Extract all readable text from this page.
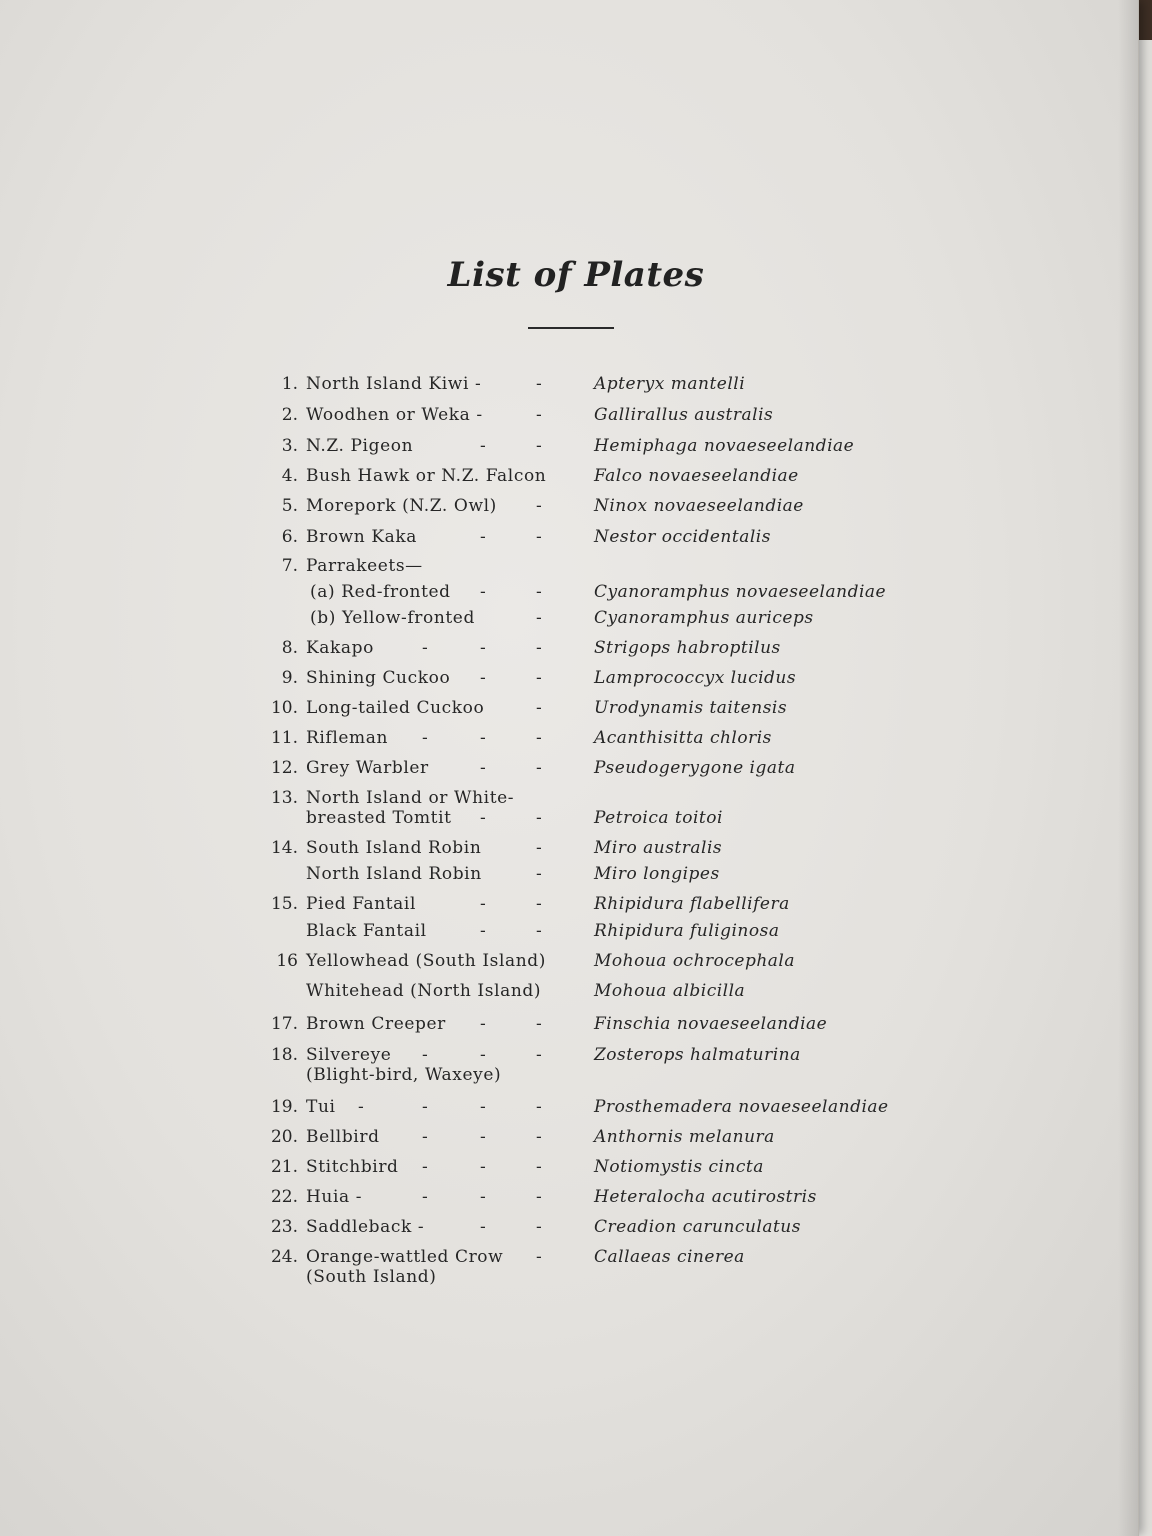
List of Plates
1. North Island Kiwi -	-	Apteryx mantelli
2. Woodhen or Weka -	-	Gallirallus australis
3. N.Z. Pigeon	-	-	Hemiphaga novaeseelandiae
4. Bush Hawk or N.Z. Falcon	Falco novaeseelandiae
5. Morepork (N.Z. Owl) -	Ninox novaeseelandiae
6. Brown Kaka	-	-	Nestor occidentalis
7. Parrakeets—
(a) Red-fronted -	-	Cyanoramphus novaeseelandiae
(b) Yellow-fronted	-	Cyanoramphus auriceps
8. Kakapo	-	-	-	Strigops habroptilus
9. Shining Cuckoo -	-	Lamprococcyx lucidus
10. Long-tailed Cuckoo	-	Urodynamis taitensis
11. Rifleman -	-	-	Acanthisitta chloris
12. Grey Warbler	-	-	Pseudogerygone igata
13. North Island or White-
breasted Tomtit -	-	Petroica toitoi
14. South Island Robin	-	Miro australis
North Island Robin	-	Miro longipes
15. Pied Fantail	-	-	Rhipidura flabellifera
Black Fantail	-	-	Rhipidura fuliginosa
16 Yellowhead (South Island)	Mohoua ochrocephala
Whitehead (North Island)	Mohoua albicilla
17. Brown Creeper -	-	Finschia novaeseelandiae
18. Silvereye -	-	-	Zosterops halmaturina
(Blight-bird, Waxeye)
19. Tui -	-	-	-	Prosthemadera novaeseelandiae
20. Bellbird -	-	-	Anthornis melanura
21. Stitchbird -	-	-	Notiomystis cincta
22. Huia -	-	-	-	Heteralocha acutirostris
23. Saddleback -	-	-	Creadion carunculatus
24. Orange-wattled Crow -	Callaeas cinerea
(South Island)
